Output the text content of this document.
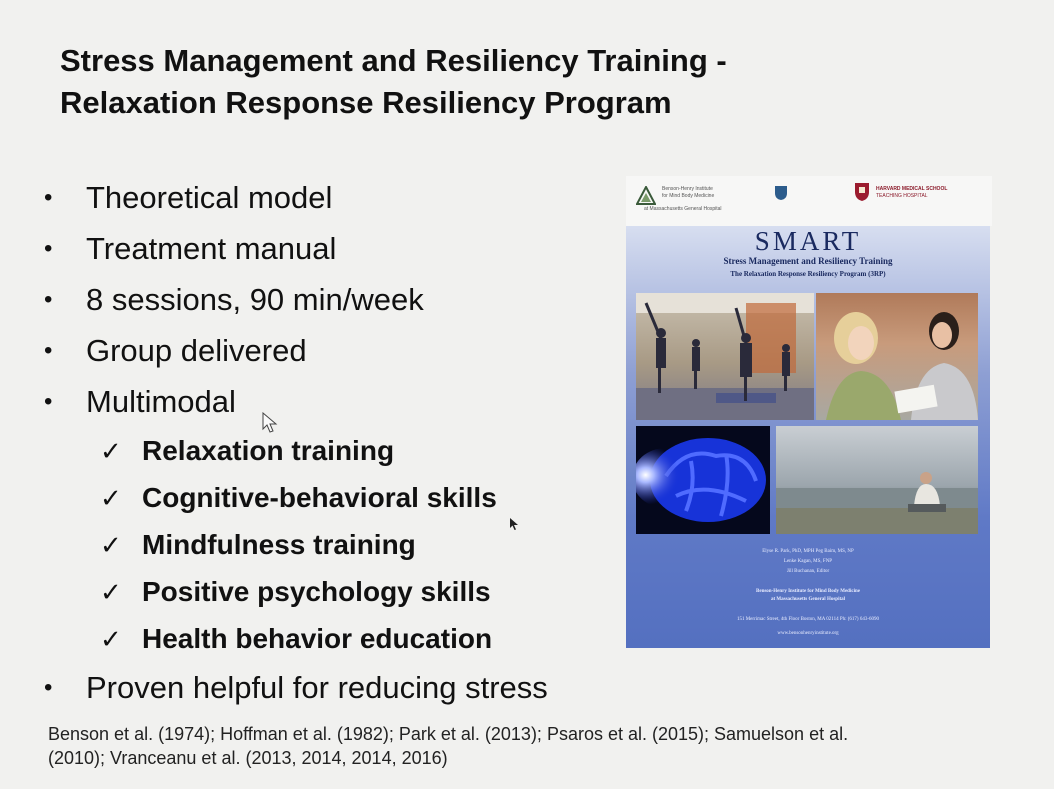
Stress Management and Resiliency Training -
Relaxation Response Resiliency Program
•	Theoretical model
•	Treatment manual
•	8 sessions, 90 min/week
•	Group delivered
•	Multimodal
✓ Relaxation training
✓ Cognitive-behavioral skills
✓ Mindfulness training
✓ Positive psychology skills
✓ Health behavior education
•	Proven helpful for reducing stress
Benson et al. (1974); Hoffman et al. (1982); Park et al. (2013); Psaros et al. (2015); Samuelson et al.
(2010); Vranceanu et al. (2013, 2014, 2014, 2016)
Benson-Henry Institute
for Mind Body Medicine
at Massachusetts General Hospital
HARVARD MEDICAL SCHOOL
TEACHING HOSPITAL
SMART
Stress Management and Resiliency Training
The Relaxation Response Resiliency Program (3RP)
Elyse R. Park, PhD, MPH Peg Baim, MS, NP
Lenke Kagan, MS, FNP
Jill Buchanan, Editor
Benson-Henry Institute for Mind Body Medicine
at Massachusetts General Hospital
151 Merrimac Street, 4th Floor Boston, MA 02114 Ph: (617) 643-6090
www.bensonhenryinstitute.org
